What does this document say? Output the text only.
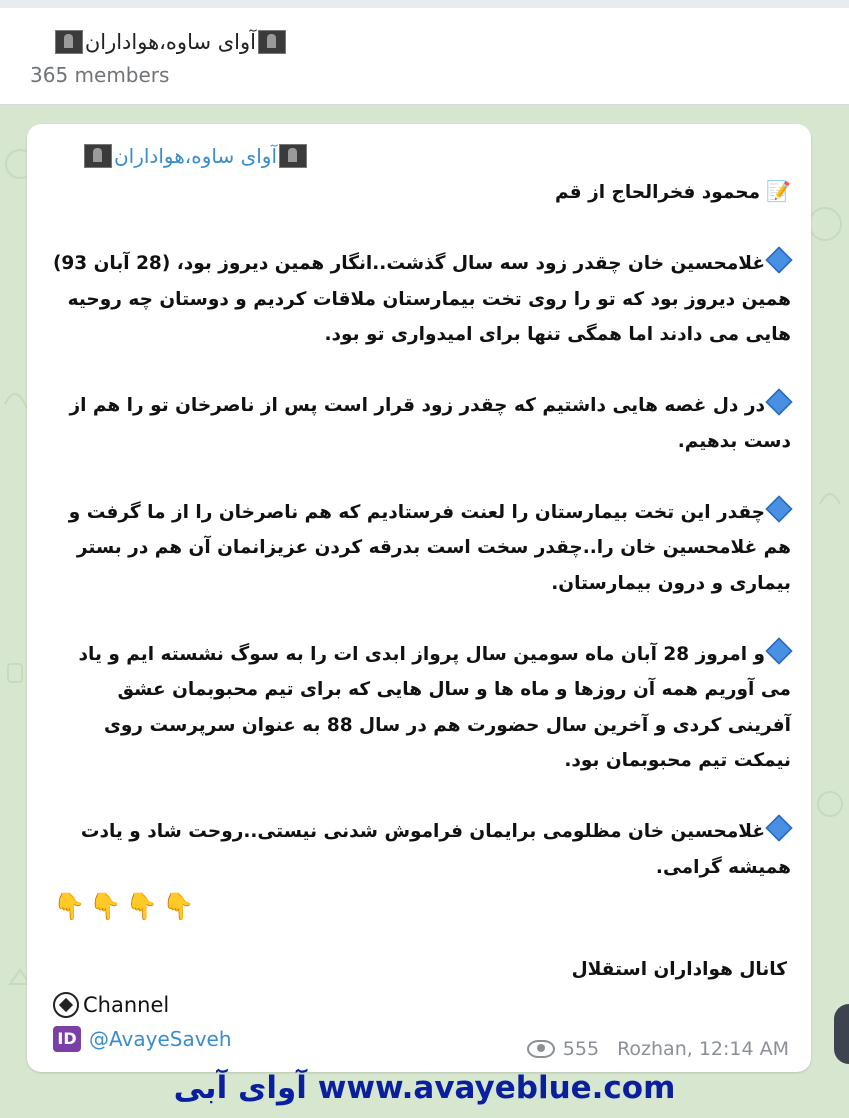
آوای ساوه،هواداران
365 members
آوای ساوه،هواداران

📝محمود فخرالحاج از قم

غلامحسین خان چقدر زود سه سال گذشت..انگار همین دیروز بود، (28 آبان 93) همین دیروز بود که تو را روی تخت بیمارستان ملاقات کردیم و دوستان چه روحیه هایی می دادند اما همگی تنها برای امیدواری تو بود.

در دل غصه هایی داشتیم که چقدر زود قرار است پس از ناصرخان تو را هم از دست بدهیم.

چقدر این تخت بیمارستان را لعنت فرستادیم که هم ناصرخان را از ما گرفت و هم غلامحسین خان را..چقدر سخت است بدرقه کردن عزیزانمان آن هم در بستر بیماری و درون بیمارستان.

و امروز 28 آبان ماه سومین سال پرواز ابدی ات را به سوگ نشسته ایم و یاد می آوریم همه آن روزها و ماه ها و سال هایی که برای تیم محبوبمان عشق آفرینی کردی و آخرین سال حضورت هم در سال 88 به عنوان سرپرست روی نیمکت تیم محبوبمان بود.

غلامحسین خان مظلومی برایمان فراموش شدنی نیستی..روحت شاد و یادت همیشه گرامی.

👇👇👇👇
کانال هواداران استقلال
Channel
ID @AvayeSaveh	555 Rozhan, 12:14 AM
آوای آبی www.avayeblue.com
